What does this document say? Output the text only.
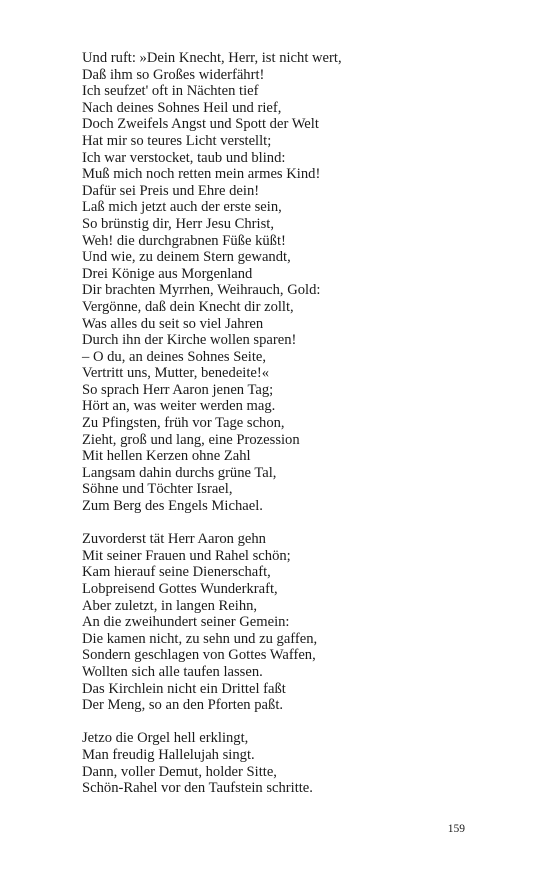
Und ruft: »Dein Knecht, Herr, ist nicht wert,
Daß ihm so Großes widerfährt!
Ich seufzet' oft in Nächten tief
Nach deines Sohnes Heil und rief,
Doch Zweifels Angst und Spott der Welt
Hat mir so teures Licht verstellt;
Ich war verstocket, taub und blind:
Muß mich noch retten mein armes Kind!
Dafür sei Preis und Ehre dein!
Laß mich jetzt auch der erste sein,
So brünstig dir, Herr Jesu Christ,
Weh! die durchgrabnen Füße küßt!
Und wie, zu deinem Stern gewandt,
Drei Könige aus Morgenland
Dir brachten Myrrhen, Weihrauch, Gold:
Vergönne, daß dein Knecht dir zollt,
Was alles du seit so viel Jahren
Durch ihn der Kirche wollen sparen!
– O du, an deines Sohnes Seite,
Vertritt uns, Mutter, benedeite!«
So sprach Herr Aaron jenen Tag;
Hört an, was weiter werden mag.
Zu Pfingsten, früh vor Tage schon,
Zieht, groß und lang, eine Prozession
Mit hellen Kerzen ohne Zahl
Langsam dahin durchs grüne Tal,
Söhne und Töchter Israel,
Zum Berg des Engels Michael.
Zuvorderst tät Herr Aaron gehn
Mit seiner Frauen und Rahel schön;
Kam hierauf seine Dienerschaft,
Lobpreisend Gottes Wunderkraft,
Aber zuletzt, in langen Reihn,
An die zweihundert seiner Gemein:
Die kamen nicht, zu sehn und zu gaffen,
Sondern geschlagen von Gottes Waffen,
Wollten sich alle taufen lassen.
Das Kirchlein nicht ein Drittel faßt
Der Meng, so an den Pforten paßt.
Jetzo die Orgel hell erklingt,
Man freudig Hallelujah singt.
Dann, voller Demut, holder Sitte,
Schön-Rahel vor den Taufstein schritte.
159
